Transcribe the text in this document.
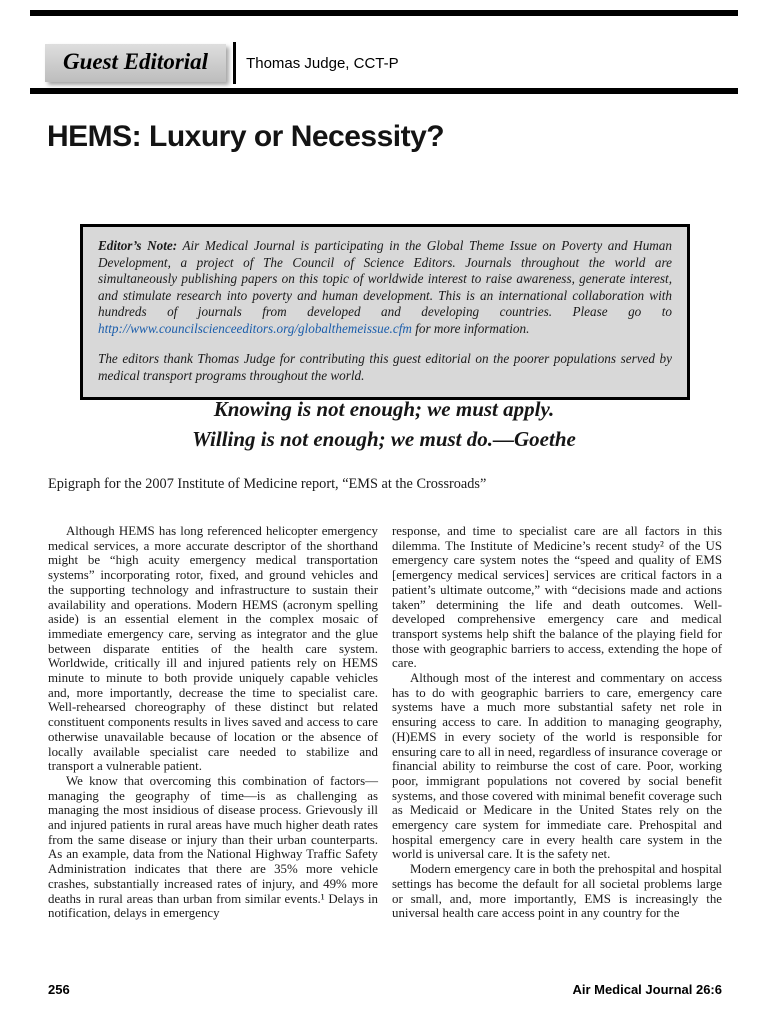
Guest Editorial	Thomas Judge, CCT-P
HEMS: Luxury or Necessity?

Editor’s Note: Air Medical Journal is participating in the Global Theme Issue on Poverty and Human Development, a project of The Council of Science Editors. Journals throughout the world are simultaneously publishing papers on this topic of worldwide interest to raise awareness, generate interest, and stimulate research into poverty and human development. This is an international collaboration with hundreds of journals from developed and developing countries. Please go to http://www.councilscienceeditors.org/globalthemeissue.cfm for more information.

The editors thank Thomas Judge for contributing this guest editorial on the poorer populations served by medical transport programs throughout the world.

Knowing is not enough; we must apply.
Willing is not enough; we must do.—Goethe

Epigraph for the 2007 Institute of Medicine report, “EMS at the Crossroads”

Although HEMS has long referenced helicopter emergency medical services, a more accurate descriptor of the shorthand might be “high acuity emergency medical transportation systems” incorporating rotor, fixed, and ground vehicles and the supporting technology and infrastructure to sustain their availability and operations. Modern HEMS (acronym spelling aside) is an essential element in the complex mosaic of immediate emergency care, serving as integrator and the glue between disparate entities of the health care system. Worldwide, critically ill and injured patients rely on HEMS minute to minute to both provide uniquely capable vehicles and, more importantly, decrease the time to specialist care. Well-rehearsed choreography of these distinct but related constituent components results in lives saved and access to care otherwise unavailable because of location or the absence of locally available specialist care needed to stabilize and transport a vulnerable patient.

We know that overcoming this combination of factors—managing the geography of time—is as challenging as managing the most insidious of disease process. Grievously ill and injured patients in rural areas have much higher death rates from the same disease or injury than their urban counterparts. As an example, data from the National Highway Traffic Safety Administration indicates that there are 35% more vehicle crashes, substantially increased rates of injury, and 49% more deaths in rural areas than urban from similar events.¹ Delays in notification, delays in emergency

response, and time to specialist care are all factors in this dilemma. The Institute of Medicine’s recent study² of the US emergency care system notes the “speed and quality of EMS [emergency medical services] services are critical factors in a patient’s ultimate outcome,” with “decisions made and actions taken” determining the life and death outcomes. Well-developed comprehensive emergency care and medical transport systems help shift the balance of the playing field for those with geographic barriers to access, extending the hope of care.

Although most of the interest and commentary on access has to do with geographic barriers to care, emergency care systems have a much more substantial safety net role in ensuring access to care. In addition to managing geography, (H)EMS in every society of the world is responsible for ensuring care to all in need, regardless of insurance coverage or financial ability to reimburse the cost of care. Poor, working poor, immigrant populations not covered by social benefit systems, and those covered with minimal benefit coverage such as Medicaid or Medicare in the United States rely on the emergency care system for immediate care. Prehospital and hospital emergency care in every health care system in the world is universal care. It is the safety net.

Modern emergency care in both the prehospital and hospital settings has become the default for all societal problems large or small, and, more importantly, EMS is increasingly the universal health care access point in any country for the

256	Air Medical Journal 26:6
